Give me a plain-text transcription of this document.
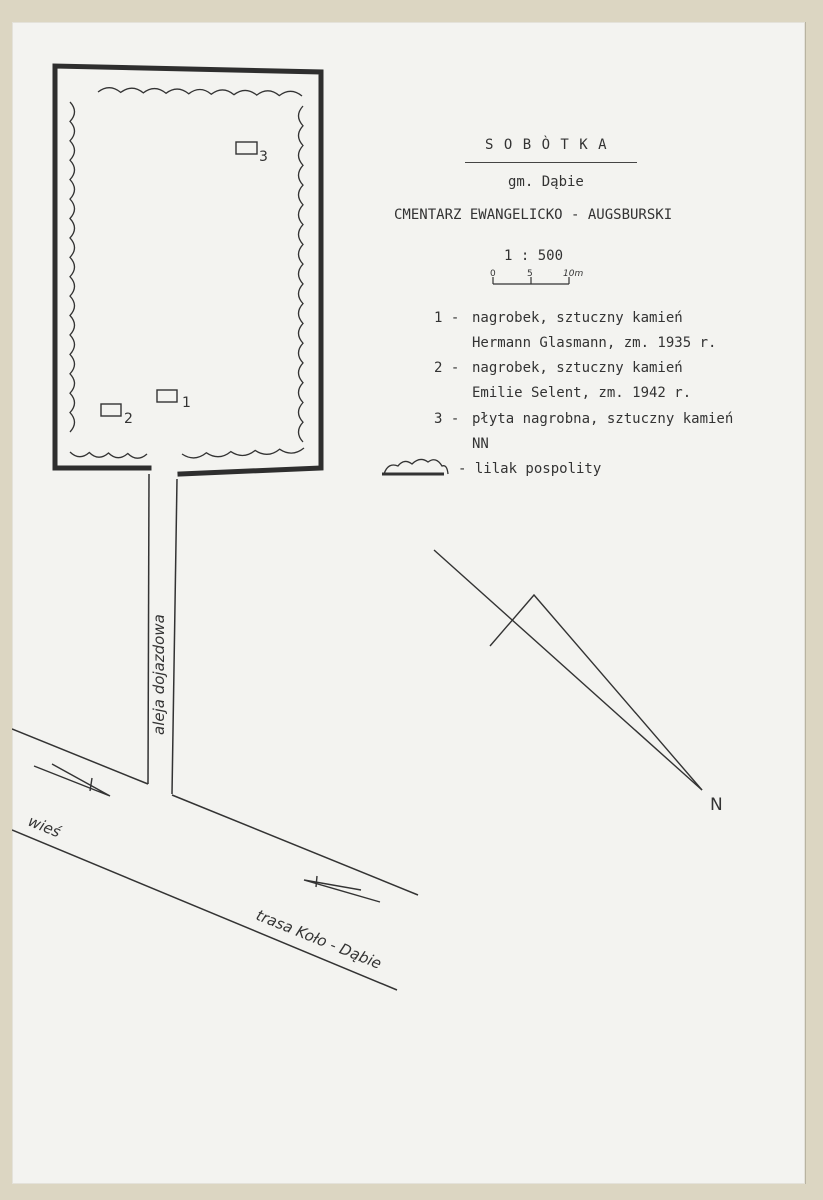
S O B Ò T K A
gm. Dąbie
CMENTARZ EWANGELICKO - AUGSBURSKI
1 : 500
1 - nagrobek, sztuczny kamień
Hermann Glasmann, zm. 1935 r.
2 - nagrobek, sztuczny kamień
Emilie Selent, zm. 1942 r.
3 - płyta nagrobna, sztuczny kamień
NN
- lilak pospolity
0	5	10m
1
2
3
aleja dojazdowa
wieś
trasa Koło - Dąbie
N
